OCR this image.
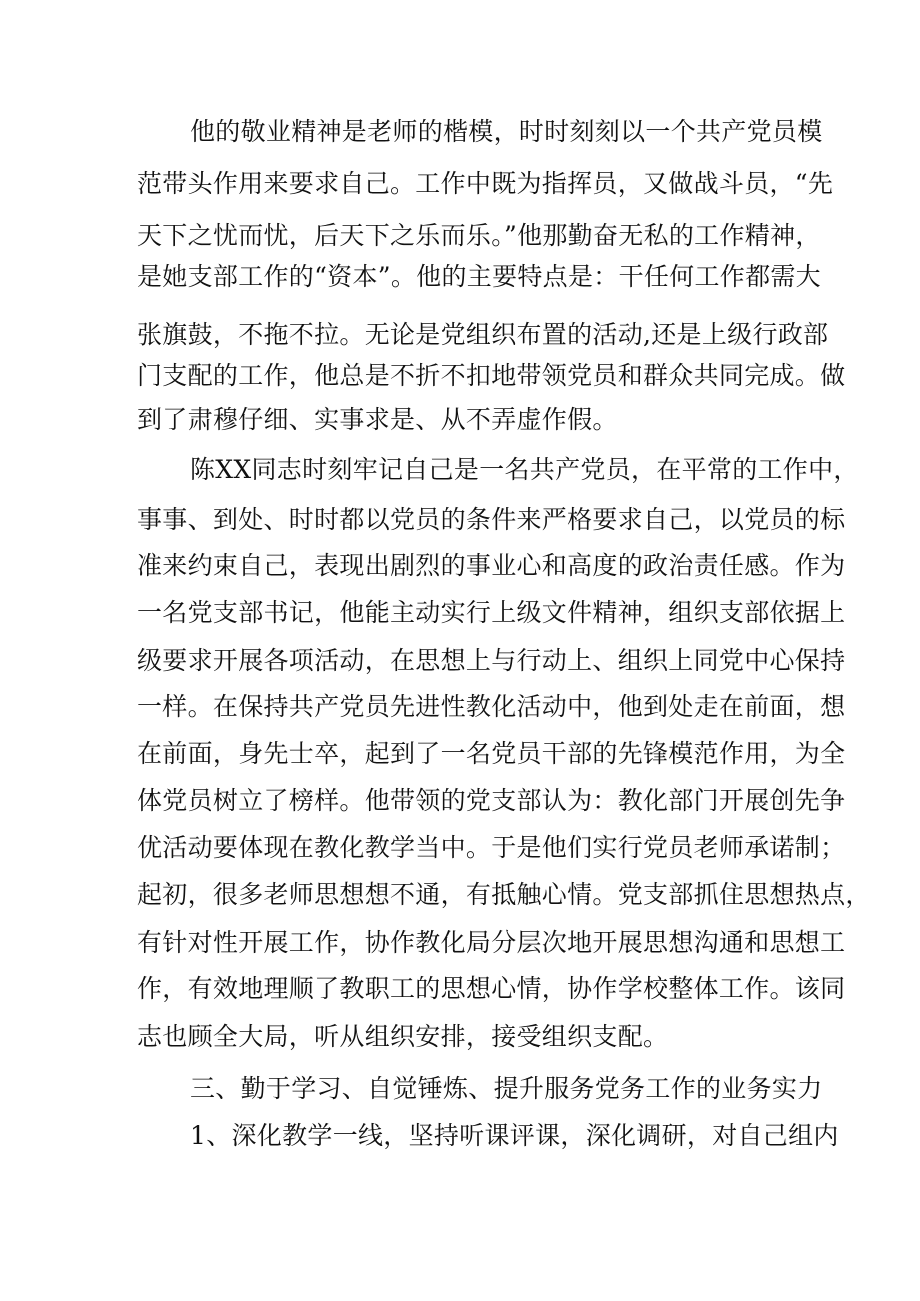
他的敬业精神是老师的楷模，时时刻刻以一个共产党员模
范带头作用来要求自己。工作中既为指挥员，又做战斗员，“先
天下之忧而忧，后天下之乐而乐。”他那勤奋无私的工作精神，
是她支部工作的“资本”。他的主要特点是：干任何工作都需大
张旗鼓，不拖不拉。无论是党组织布置的活动,还是上级行政部
门支配的工作，他总是不折不扣地带领党员和群众共同完成。做
到了肃穆仔细、实事求是、从不弄虚作假。
陈XX同志时刻牢记自己是一名共产党员，在平常的工作中，
事事、到处、时时都以党员的条件来严格要求自己，以党员的标
准来约束自己，表现出剧烈的事业心和高度的政治责任感。作为
一名党支部书记，他能主动实行上级文件精神，组织支部依据上
级要求开展各项活动，在思想上与行动上、组织上同党中心保持
一样。在保持共产党员先进性教化活动中，他到处走在前面，想
在前面，身先士卒，起到了一名党员干部的先锋模范作用，为全
体党员树立了榜样。他带领的党支部认为：教化部门开展创先争
优活动要体现在教化教学当中。于是他们实行党员老师承诺制；
起初，很多老师思想想不通，有抵触心情。党支部抓住思想热点，
有针对性开展工作，协作教化局分层次地开展思想沟通和思想工
作，有效地理顺了教职工的思想心情，协作学校整体工作。该同
志也顾全大局，听从组织安排，接受组织支配。
三、勤于学习、自觉锤炼、提升服务党务工作的业务实力
1、深化教学一线，坚持听课评课，深化调研，对自己组内
